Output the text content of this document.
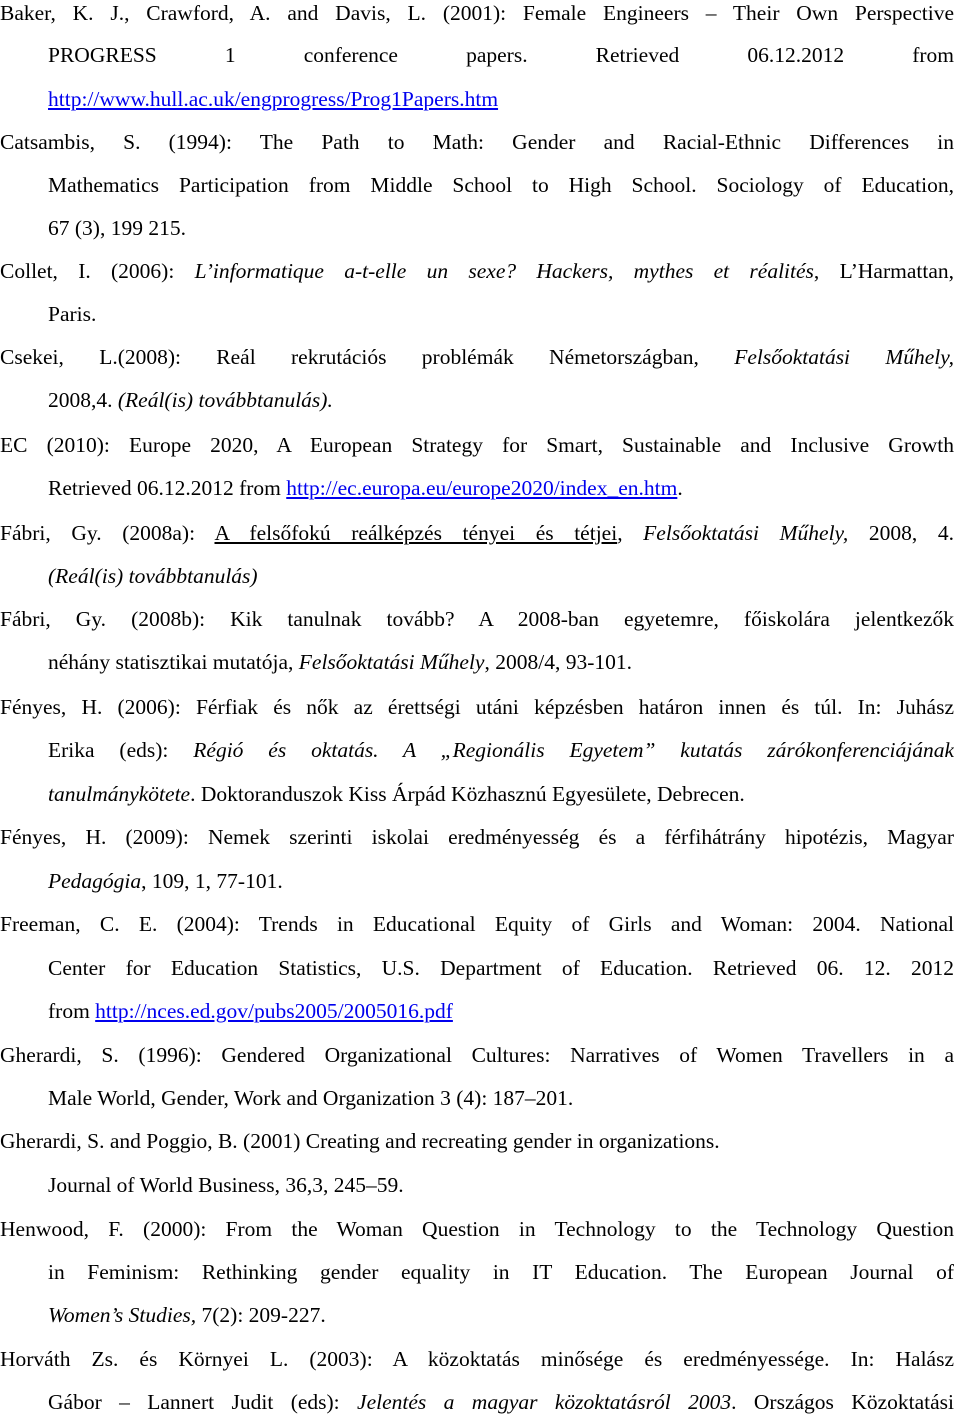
Baker, K. J., Crawford, A. and Davis, L. (2001): Female Engineers – Their Own Perspective
PROGRESS 1 conference papers. Retrieved 06.12.2012 from
http://www.hull.ac.uk/engprogress/Prog1Papers.htm
Catsambis, S. (1994): The Path to Math: Gender and Racial-Ethnic Differences in
Mathematics Participation from Middle School to High School. Sociology of Education,
67 (3), 199 215.
Collet, I. (2006): L’informatique a-t-elle un sexe? Hackers, mythes et réalités, L’Harmattan,
Paris.
Csekei, L.(2008): Reál rekrutációs problémák Németországban, Felsőoktatási Műhely,
2008,4. (Reál(is) továbbtanulás).
EC (2010): Europe 2020, A European Strategy for Smart, Sustainable and Inclusive Growth
Retrieved 06.12.2012 from http://ec.europa.eu/europe2020/index_en.htm.
Fábri, Gy. (2008a): A felsőfokú reálképzés tényei és tétjei, Felsőoktatási Műhely, 2008, 4.
(Reál(is) továbbtanulás)
Fábri, Gy. (2008b): Kik tanulnak tovább? A 2008-ban egyetemre, főiskolára jelentkezők
néhány statisztikai mutatója, Felsőoktatási Műhely, 2008/4, 93-101.
Fényes, H. (2006): Férfiak és nők az érettségi utáni képzésben határon innen és túl. In: Juhász
Erika (eds): Régió és oktatás. A „Regionális Egyetem” kutatás zárókonferenciájának
tanulmánykötete. Doktoranduszok Kiss Árpád Közhasznú Egyesülete, Debrecen.
Fényes, H. (2009): Nemek szerinti iskolai eredményesség és a férfihátrány hipotézis, Magyar
Pedagógia, 109, 1, 77-101.
Freeman, C. E. (2004): Trends in Educational Equity of Girls and Woman: 2004. National
Center for Education Statistics, U.S. Department of Education. Retrieved 06. 12. 2012
from http://nces.ed.gov/pubs2005/2005016.pdf
Gherardi, S. (1996): Gendered Organizational Cultures: Narratives of Women Travellers in a
Male World, Gender, Work and Organization 3 (4): 187–201.
Gherardi, S. and Poggio, B. (2001) Creating and recreating gender in organizations.
Journal of World Business, 36,3, 245–59.
Henwood, F. (2000): From the Woman Question in Technology to the Technology Question
in Feminism: Rethinking gender equality in IT Education. The European Journal of
Women’s Studies, 7(2): 209-227.
Horváth Zs. és Környei L. (2003): A közoktatás minősége és eredményessége. In: Halász
Gábor – Lannert Judit (eds): Jelentés a magyar közoktatásról 2003. Országos Közoktatási
